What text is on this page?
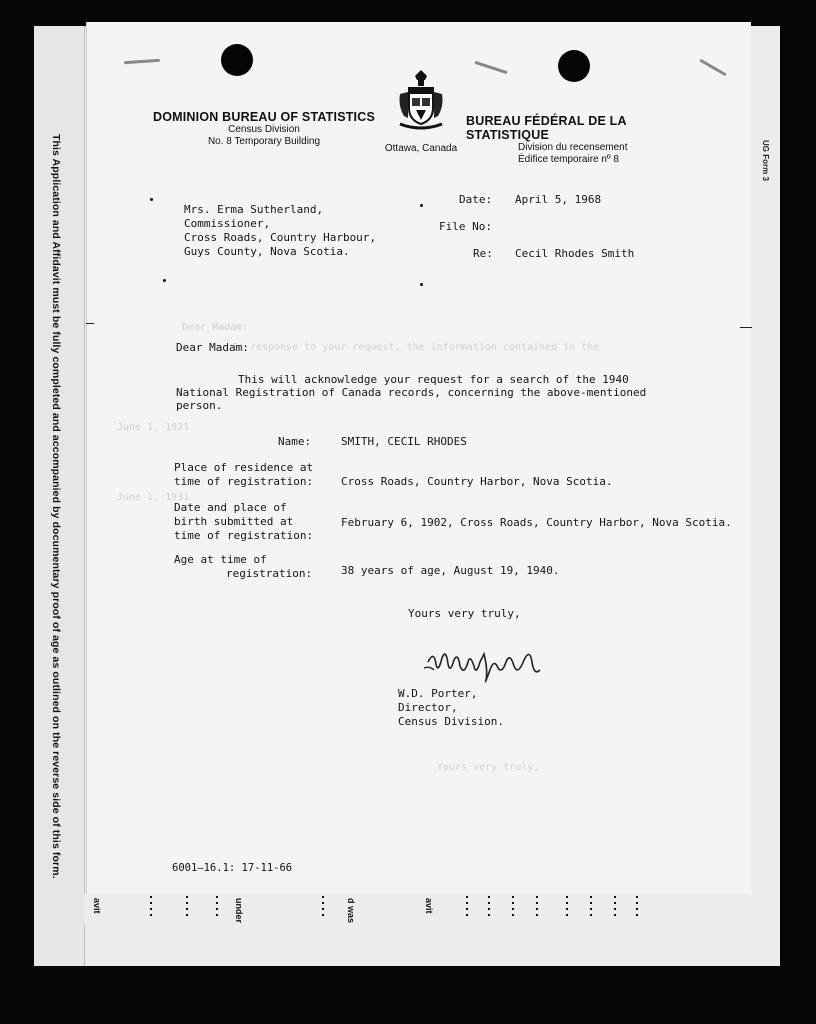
This Application and Affidavit must be fully completed and accompanied by documentary proof of age as outlined on the reverse side of this form.	UG Form 3
avit	under	d was	avit
Dear Madam:
In response to your request, the information contained in the
June 1, 1921
June 1, 1931
Yours very truly,
DOMINION BUREAU OF STATISTICS
Census Division
No. 8 Temporary Building
Ottawa, Canada
BUREAU FÉDÉRAL DE LA STATISTIQUE
Division du recensement
Édifice temporaire nº 8
Mrs. Erma Sutherland,
Commissioner,
Cross Roads, Country Harbour,
Guys County, Nova Scotia.
Date: April 5, 1968
File No:
Re: Cecil Rhodes Smith
Dear Madam:
This will acknowledge your request for a search of the 1940
National Registration of Canada records, concerning the above-mentioned
person.
Name:	SMITH, CECIL RHODES
Place of residence at
time of registration:	Cross Roads, Country Harbor, Nova Scotia.
Date and place of
birth submitted at
time of registration:
February 6, 1902, Cross Roads, Country Harbor, Nova Scotia.
Age at time of
registration:	38 years of age, August 19, 1940.
Yours very truly,
W.D. Porter,
Director,
Census Division.
6001—16.1: 17-11-66
